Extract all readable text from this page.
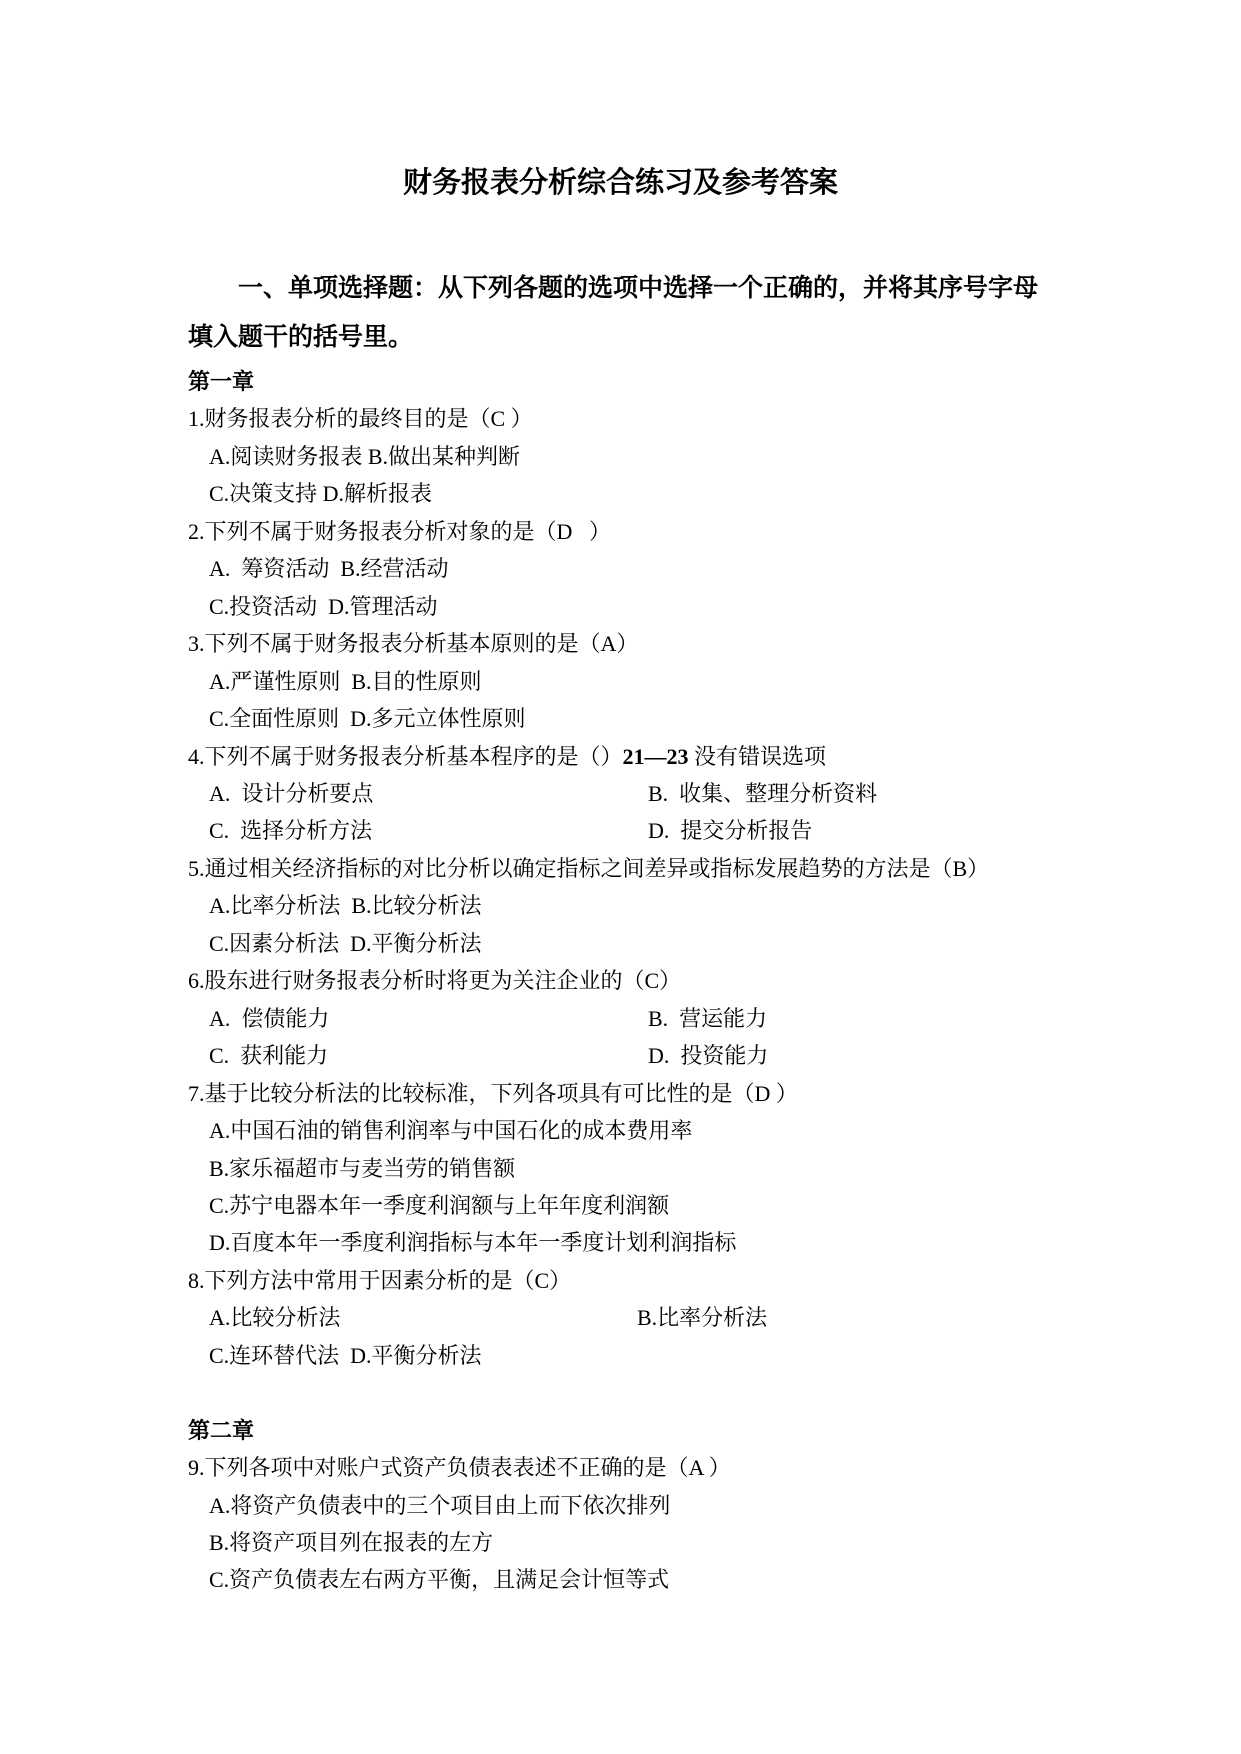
财务报表分析综合练习及参考答案
一、单项选择题：从下列各题的选项中选择一个正确的，并将其序号字母
填入题干的括号里。
第一章
1.财务报表分析的最终目的是（C ）
A.阅读财务报表 B.做出某种判断
C.决策支持 D.解析报表
2.下列不属于财务报表分析对象的是（D   ）
A.  筹资活动  B.经营活动
C.投资活动  D.管理活动
3.下列不属于财务报表分析基本原则的是（A）
A.严谨性原则  B.目的性原则
C.全面性原则  D.多元立体性原则
4.下列不属于财务报表分析基本程序的是（）21—23 没有错误选项
A.  设计分析要点	B.  收集、整理分析资料
C.  选择分析方法	D.  提交分析报告
5.通过相关经济指标的对比分析以确定指标之间差异或指标发展趋势的方法是（B）
A.比率分析法  B.比较分析法
C.因素分析法  D.平衡分析法
6.股东进行财务报表分析时将更为关注企业的（C）
A.  偿债能力	B.  营运能力
C.  获利能力	D.  投资能力
7.基于比较分析法的比较标准，下列各项具有可比性的是（D ）
A.中国石油的销售利润率与中国石化的成本费用率
B.家乐福超市与麦当劳的销售额
C.苏宁电器本年一季度利润额与上年年度利润额
D.百度本年一季度利润指标与本年一季度计划利润指标
8.下列方法中常用于因素分析的是（C）
A.比较分析法	B.比率分析法
C.连环替代法  D.平衡分析法
第二章
9.下列各项中对账户式资产负债表表述不正确的是（A ）
A.将资产负债表中的三个项目由上而下依次排列
B.将资产项目列在报表的左方
C.资产负债表左右两方平衡，且满足会计恒等式
